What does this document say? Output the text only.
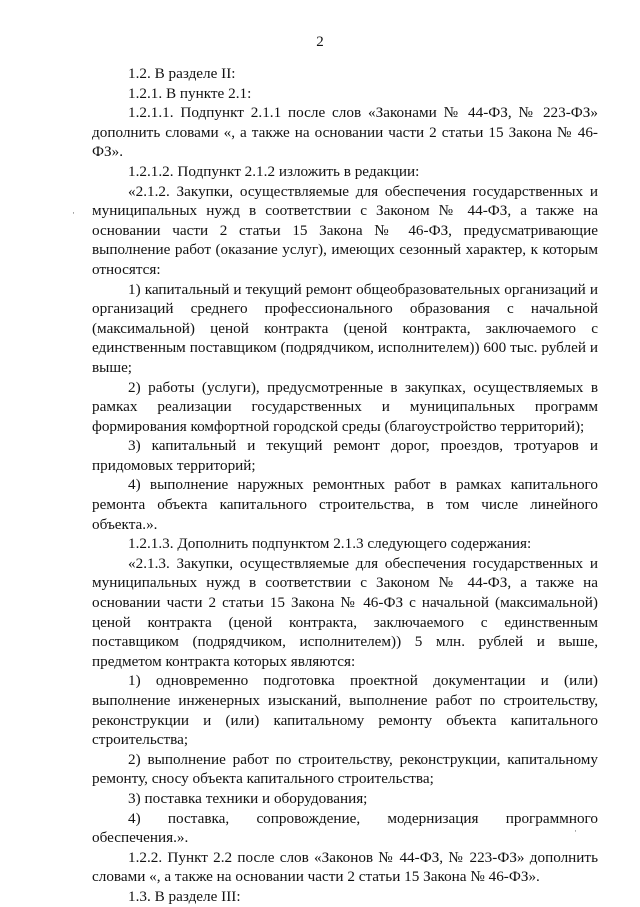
2

1.2. В разделе II:

1.2.1. В пункте 2.1:

1.2.1.1. Подпункт 2.1.1 после слов «Законами № 44-ФЗ, № 223-ФЗ» дополнить словами «, а также на основании части 2 статьи 15 Закона № 46-ФЗ».

1.2.1.2. Подпункт 2.1.2 изложить в редакции:

«2.1.2. Закупки, осуществляемые для обеспечения государственных и муниципальных нужд в соответствии с Законом № 44-ФЗ, а также на основании части 2 статьи 15 Закона № 46-ФЗ, предусматривающие выполнение работ (оказание услуг), имеющих сезонный характер, к которым относятся:

1) капитальный и текущий ремонт общеобразовательных организаций и организаций среднего профессионального образования с начальной (максимальной) ценой контракта (ценой контракта, заключаемого с единственным поставщиком (подрядчиком, исполнителем)) 600 тыс. рублей и выше;

2) работы (услуги), предусмотренные в закупках, осуществляемых в рамках реализации государственных и муниципальных программ формирования комфортной городской среды (благоустройство территорий);

3) капитальный и текущий ремонт дорог, проездов, тротуаров и придомовых территорий;

4) выполнение наружных ремонтных работ в рамках капитального ремонта объекта капитального строительства, в том числе линейного объекта.».

1.2.1.3. Дополнить подпунктом 2.1.3 следующего содержания:

«2.1.3. Закупки, осуществляемые для обеспечения государственных и муниципальных нужд в соответствии с Законом № 44-ФЗ, а также на основании части 2 статьи 15 Закона № 46-ФЗ с начальной (максимальной) ценой контракта (ценой контракта, заключаемого с единственным поставщиком (подрядчиком, исполнителем)) 5 млн. рублей и выше, предметом контракта которых являются:

1) одновременно подготовка проектной документации и (или) выполнение инженерных изысканий, выполнение работ по строительству, реконструкции и (или) капитальному ремонту объекта капитального строительства;

2) выполнение работ по строительству, реконструкции, капитальному ремонту, сносу объекта капитального строительства;

3) поставка техники и оборудования;

4) поставка, сопровождение, модернизация программного обеспечения.».

1.2.2. Пункт 2.2 после слов «Законов № 44-ФЗ, № 223-ФЗ» дополнить словами «, а также на основании части 2 статьи 15 Закона № 46-ФЗ».

1.3. В разделе III:

·
·
